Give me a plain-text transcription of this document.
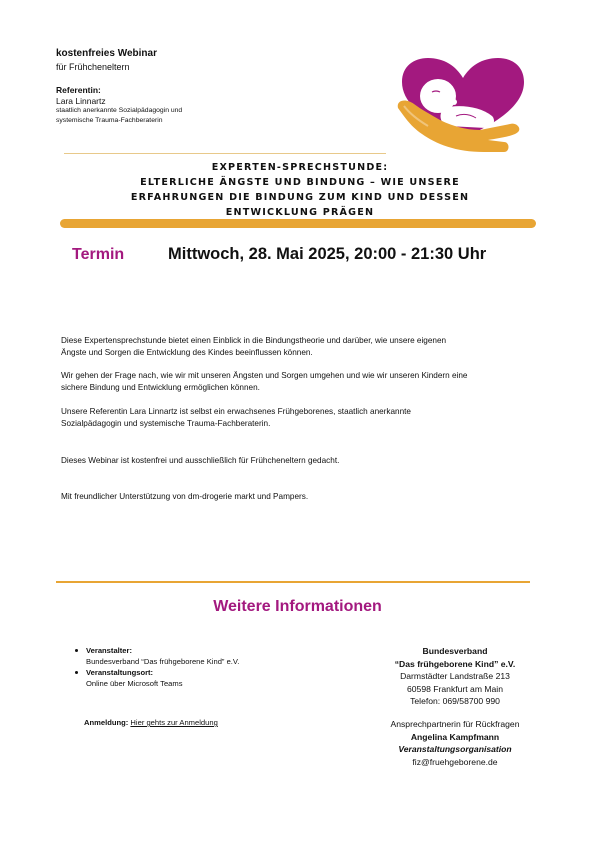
kostenfreies Webinar
für Frühcheneltern
Referentin:
Lara Linnartz
staatlich anerkannte Sozialpädagogin und
systemische Trauma-Fachberaterin
EXPERTEN-SPRECHSTUNDE:
ELTERLICHE ÄNGSTE UND BINDUNG – WIE UNSERE
ERFAHRUNGEN DIE BINDUNG ZUM KIND UND DESSEN
ENTWICKLUNG PRÄGEN
Termin	Mittwoch, 28. Mai 2025, 20:00 - 21:30 Uhr
Diese Expertensprechstunde bietet einen Einblick in die Bindungstheorie und darüber, wie unsere eigenen
Ängste und Sorgen die Entwicklung des Kindes beeinflussen können.
Wir gehen der Frage nach, wie wir mit unseren Ängsten und Sorgen umgehen und wie wir unseren Kindern eine
sichere Bindung und Entwicklung ermöglichen können.
Unsere Referentin Lara Linnartz ist selbst ein erwachsenes Frühgeborenes, staatlich anerkannte
Sozialpädagogin und systemische Trauma-Fachberaterin.
Dieses Webinar ist kostenfrei und ausschließlich für Frühcheneltern gedacht.
Mit freundlicher Unterstützung von dm-drogerie markt und Pampers.
Weitere Informationen
Veranstalter:
Bundesverband “Das frühgeborene Kind” e.V.
Veranstaltungsort:
Online über Microsoft Teams
Anmeldung: Hier gehts zur Anmeldung
Bundesverband
“Das frühgeborene Kind” e.V.
Darmstädter Landstraße 213
60598 Frankfurt am Main
Telefon: 069/58700 990
Ansprechpartnerin für Rückfragen
Angelina Kampfmann
Veranstaltungsorganisation
fiz@fruehgeborene.de
